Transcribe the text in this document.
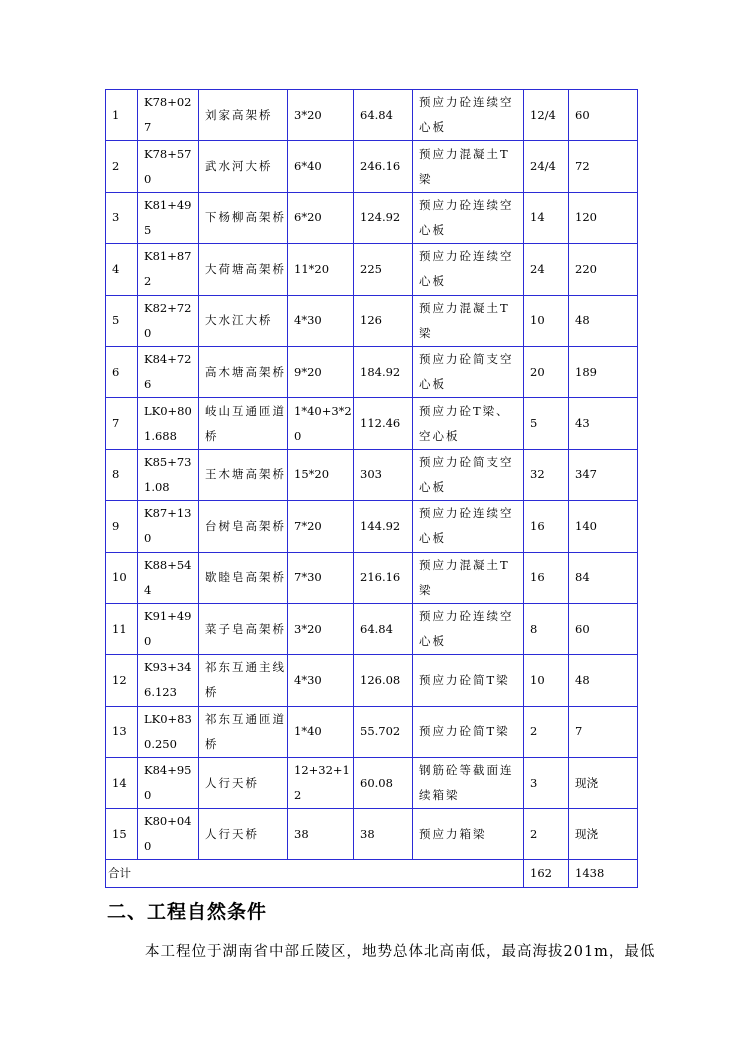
1	K78+027	刘家高架桥	3*20	64.84	预应力砼连续空心板	12/4	60
2	K78+570	武水河大桥	6*40	246.16	预应力混凝土T梁	24/4	72
3	K81+495	下杨柳高架桥	6*20	124.92	预应力砼连续空心板	14	120
4	K81+872	大荷塘高架桥	11*20	225	预应力砼连续空心板	24	220
5	K82+720	大水江大桥	4*30	126	预应力混凝土T梁	10	48
6	K84+726	高木塘高架桥	9*20	184.92	预应力砼简支空心板	20	189
7	LK0+801.688	岐山互通匝道桥	1*40+3*20	112.46	预应力砼T梁、空心板	5	43
8	K85+731.08	王木塘高架桥	15*20	303	预应力砼简支空心板	32	347
9	K87+130	台树皂高架桥	7*20	144.92	预应力砼连续空心板	16	140
10	K88+544	歇睦皂高架桥	7*30	216.16	预应力混凝土T梁	16	84
11	K91+490	菜子皂高架桥	3*20	64.84	预应力砼连续空心板	8	60
12	K93+346.123	祁东互通主线桥	4*30	126.08	预应力砼简T梁	10	48
13	LK0+830.250	祁东互通匝道桥	1*40	55.702	预应力砼简T梁	2	7
14	K84+950	人行天桥	12+32+12	60.08	钢筋砼等截面连续箱梁	3	现浇
15	K80+040	人行天桥	38	38	预应力箱梁	2	现浇
合计						162	1438
二、工程自然条件
本工程位于湖南省中部丘陵区，地势总体北高南低，最高海拔201m，最低
